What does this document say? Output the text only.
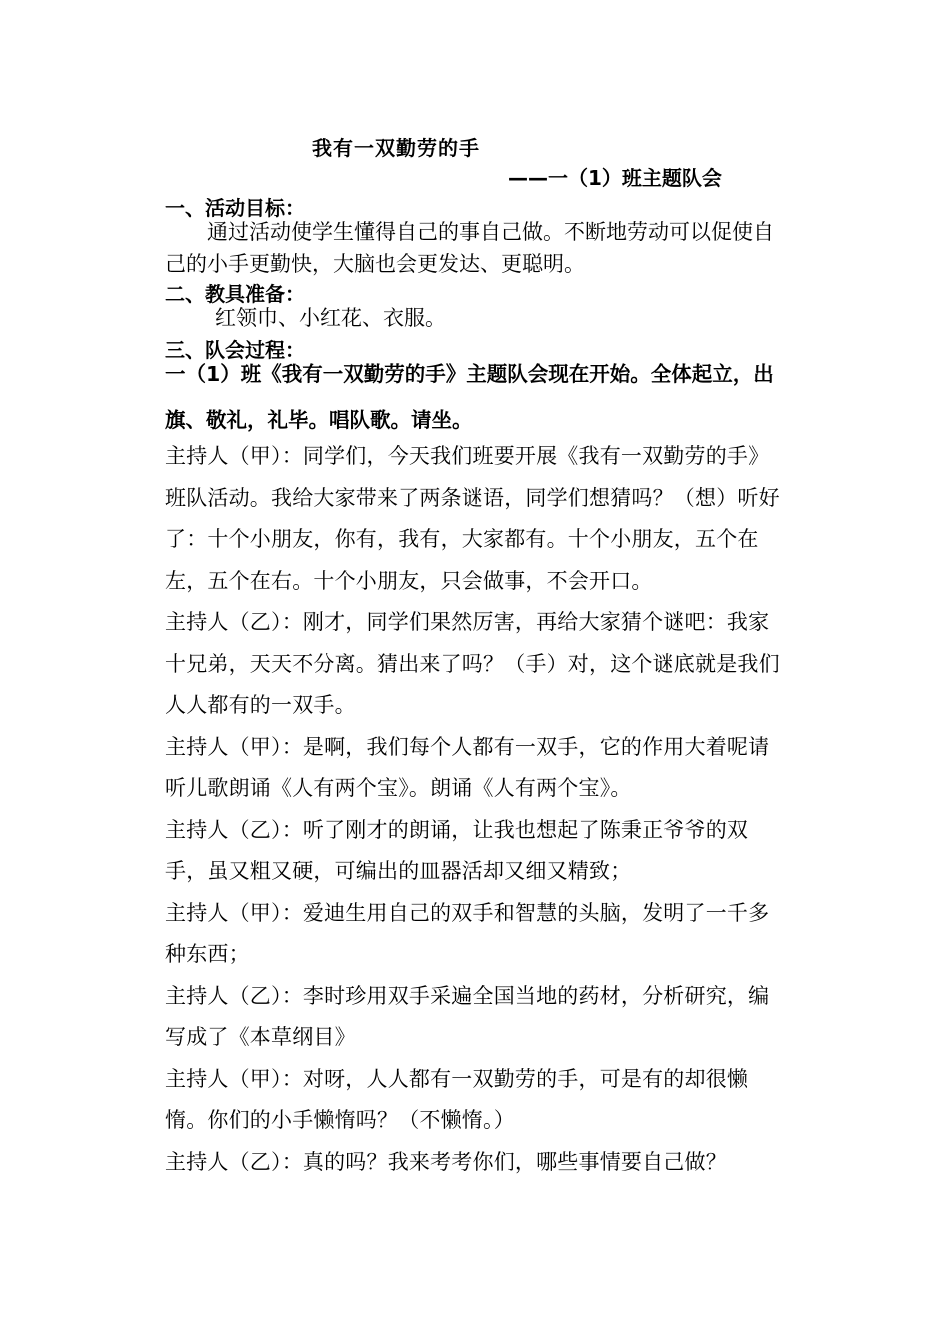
我有一双勤劳的手
——一（1）班主题队会
一、活动目标：
通过活动使学生懂得自己的事自己做。不断地劳动可以促使自己的小手更勤快，大脑也会更发达、更聪明。
二、教具准备：
红领巾、小红花、衣服。
三、队会过程：
一（1）班《我有一双勤劳的手》主题队会现在开始。全体起立，出旗、敬礼，礼毕。唱队歌。请坐。

主持人（甲）：同学们，今天我们班要开展《我有一双勤劳的手》班队活动。我给大家带来了两条谜语，同学们想猜吗？（想）听好了：十个小朋友，你有，我有，大家都有。十个小朋友，五个在左，五个在右。十个小朋友，只会做事，不会开口。

主持人（乙）：刚才，同学们果然厉害，再给大家猜个谜吧：我家十兄弟，天天不分离。猜出来了吗？（手）对，这个谜底就是我们人人都有的一双手。

主持人（甲）：是啊，我们每个人都有一双手，它的作用大着呢请听儿歌朗诵《人有两个宝》。朗诵《人有两个宝》。

主持人（乙）：听了刚才的朗诵，让我也想起了陈秉正爷爷的双手，虽又粗又硬，可编出的皿器活却又细又精致；

主持人（甲）：爱迪生用自己的双手和智慧的头脑，发明了一千多种东西；

主持人（乙）：李时珍用双手采遍全国当地的药材，分析研究，编写成了《本草纲目》

主持人（甲）：对呀，人人都有一双勤劳的手，可是有的却很懒惰。你们的小手懒惰吗？（不懒惰。）

主持人（乙）：真的吗？我来考考你们，哪些事情要自己做？
